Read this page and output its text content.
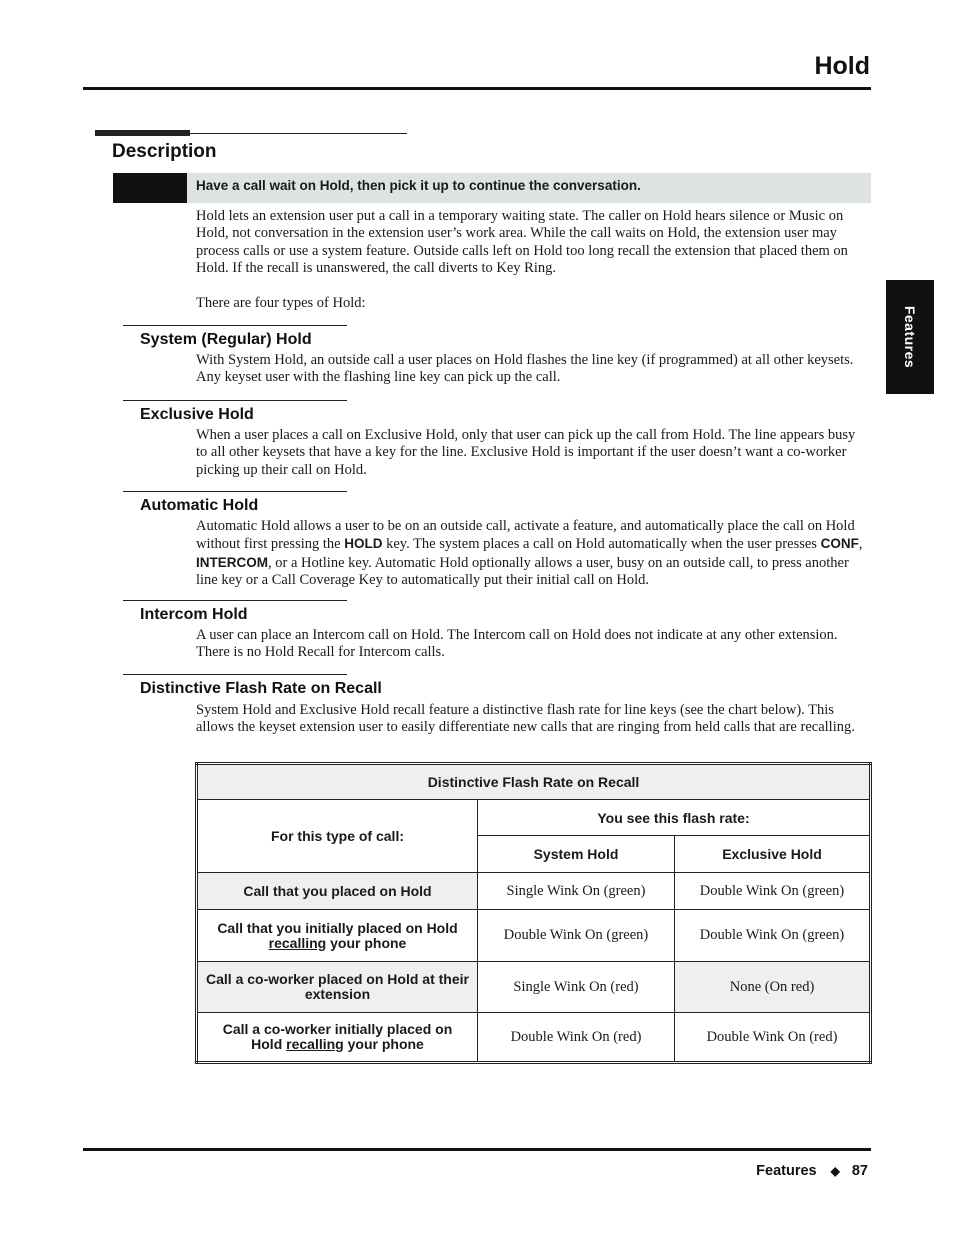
Hold
Description
Have a call wait on Hold, then pick it up to continue the conversation.
Features

Hold lets an extension user put a call in a temporary waiting state. The caller on Hold hears silence or Music on Hold, not conversation in the extension user’s work area. While the call waits on Hold, the extension user may process calls or use a system feature. Outside calls left on Hold too long recall the extension that placed them on Hold. If the recall is unanswered, the call diverts to Key Ring.

There are four types of Hold:

System (Regular) Hold

With System Hold, an outside call a user places on Hold flashes the line key (if programmed) at all other keysets. Any keyset user with the flashing line key can pick up the call.

Exclusive Hold

When a user places a call on Exclusive Hold, only that user can pick up the call from Hold. The line appears busy to all other keysets that have a key for the line. Exclusive Hold is important if the user doesn’t want a co-worker picking up their call on Hold.

Automatic Hold

Automatic Hold allows a user to be on an outside call, activate a feature, and automatically place the call on Hold without first pressing the HOLD key. The system places a call on Hold automatically when the user presses CONF, INTERCOM, or a Hotline key. Automatic Hold optionally allows a user, busy on an outside call, to press another line key or a Call Coverage Key to automatically put their initial call on Hold.

Intercom Hold

A user can place an Intercom call on Hold. The Intercom call on Hold does not indicate at any other extension. There is no Hold Recall for Intercom calls.

Distinctive Flash Rate on Recall

System Hold and Exclusive Hold recall feature a distinctive flash rate for line keys (see the chart below). This allows the keyset extension user to easily differentiate new calls that are ringing from held calls that are recalling.

Distinctive Flash Rate on Recall		
For this type of call:	You see this flash rate:	
	System Hold	Exclusive Hold
Call that you placed on Hold	Single Wink On (green)	Double Wink On (green)
Call that you initially placed on Hold recalling your phone	Double Wink On (green)	Double Wink On (green)
Call a co-worker placed on Hold at their extension	Single Wink On (red)	None (On red)
Call a co-worker initially placed on Hold recalling your phone	Double Wink On (red)	Double Wink On (red)
Features ◆ 87
